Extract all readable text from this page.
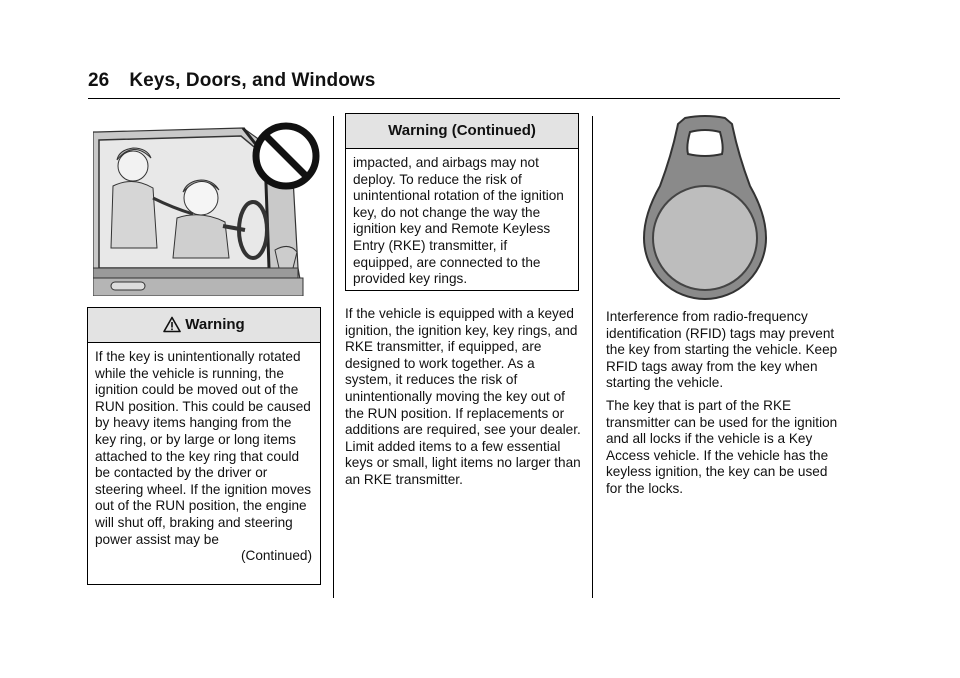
26 Keys, Doors, and Windows
Warning
If the key is unintentionally rotated while the vehicle is running, the ignition could be moved out of the RUN position. This could be caused by heavy items hanging from the key ring, or by large or long items attached to the key ring that could be contacted by the driver or steering wheel. If the ignition moves out of the RUN position, the engine will shut off, braking and steering power assist may be
(Continued)
Warning (Continued)
impacted, and airbags may not deploy. To reduce the risk of unintentional rotation of the ignition key, do not change the way the ignition key and Remote Keyless Entry (RKE) transmitter, if equipped, are connected to the provided key rings.

If the vehicle is equipped with a keyed ignition, the ignition key, key rings, and RKE transmitter, if equipped, are designed to work together. As a system, it reduces the risk of unintentionally moving the key out of the RUN position. If replacements or additions are required, see your dealer. Limit added items to a few essential keys or small, light items no larger than an RKE transmitter.

Interference from radio-frequency identification (RFID) tags may prevent the key from starting the vehicle. Keep RFID tags away from the key when starting the vehicle.

The key that is part of the RKE transmitter can be used for the ignition and all locks if the vehicle is a Key Access vehicle. If the vehicle has the keyless ignition, the key can be used for the locks.
